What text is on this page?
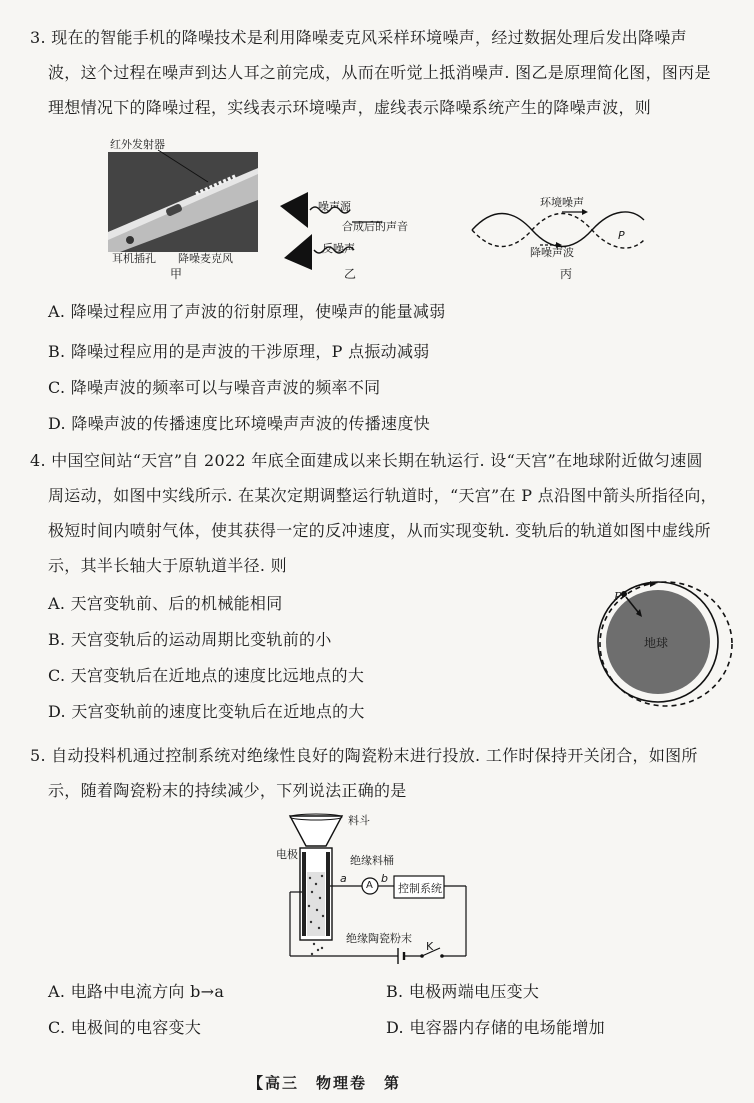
3. 现在的智能手机的降噪技术是利用降噪麦克风采样环境噪声，经过数据处理后发出降噪声
波，这个过程在噪声到达人耳之前完成，从而在听觉上抵消噪声. 图乙是原理简化图，图丙是
理想情况下的降噪过程，实线表示环境噪声，虚线表示降噪系统产生的降噪声波，则
红外发射器
耳机插孔 降噪麦克风
甲
噪声源
合成后的声音
反噪声
乙
环境噪声
降噪声波
P
丙
A. 降噪过程应用了声波的衍射原理，使噪声的能量减弱
B. 降噪过程应用的是声波的干涉原理，P 点振动减弱
C. 降噪声波的频率可以与噪音声波的频率不同
D. 降噪声波的传播速度比环境噪声声波的传播速度快
4. 中国空间站“天宫”自 2022 年底全面建成以来长期在轨运行. 设“天宫”在地球附近做匀速圆
周运动，如图中实线所示. 在某次定期调整运行轨道时，“天宫”在 P 点沿图中箭头所指径向，
极短时间内喷射气体，使其获得一定的反冲速度，从而实现变轨. 变轨后的轨道如图中虚线所
示，其半长轴大于原轨道半径. 则
A. 天宫变轨前、后的机械能相同
B. 天宫变轨后的运动周期比变轨前的小
C. 天宫变轨后在近地点的速度比远地点的大
D. 天宫变轨前的速度比变轨后在近地点的大
P
地球
5. 自动投料机通过控制系统对绝缘性良好的陶瓷粉末进行投放. 工作时保持开关闭合，如图所
示，随着陶瓷粉末的持续减少，下列说法正确的是
料斗
电极	绝缘料桶
a
A
b
控制系统
绝缘陶瓷粉末
K
A. 电路中电流方向 b→a	B. 电极两端电压变大
C. 电极间的电容变大	D. 电容器内存储的电场能增加
【高三　物理卷　第
